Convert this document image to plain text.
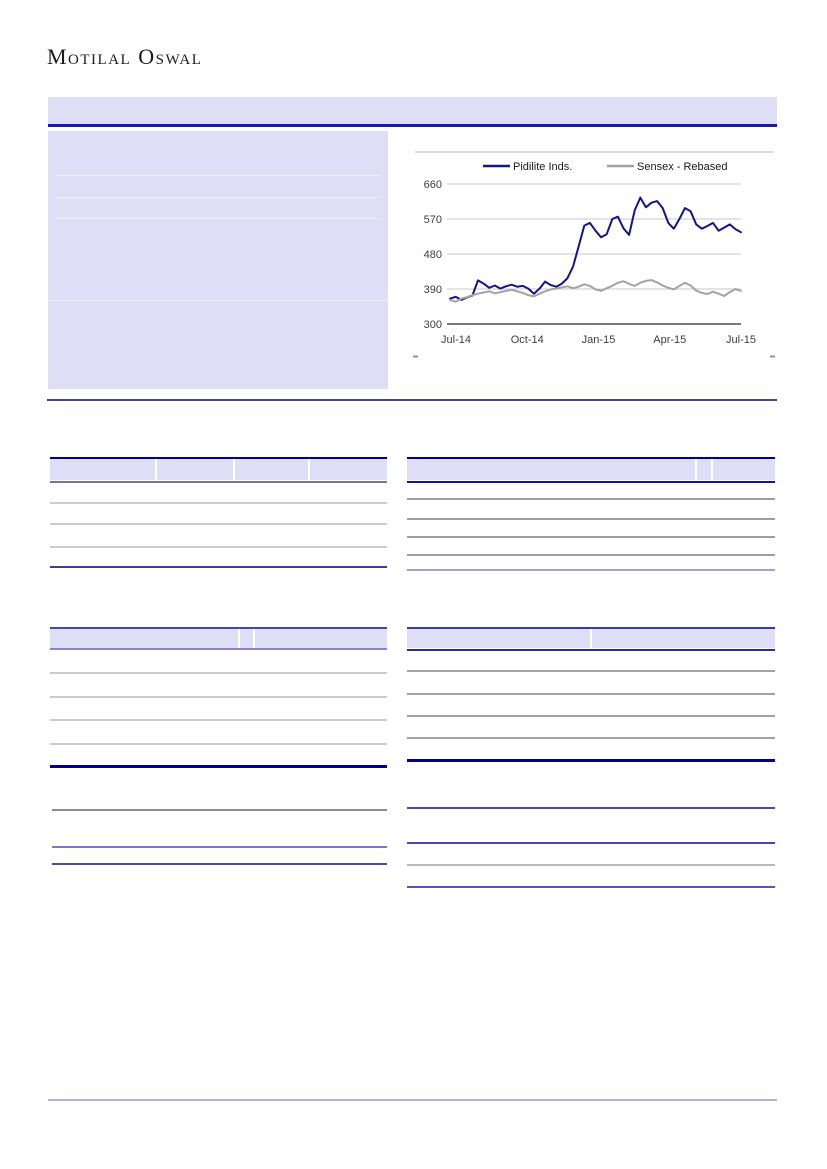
Motilal Oswal
660
570
480
390
300
Jul-14	Oct-14	Jan-15	Apr-15	Jul-15
Pidilite Inds.	Sensex - Rebased
